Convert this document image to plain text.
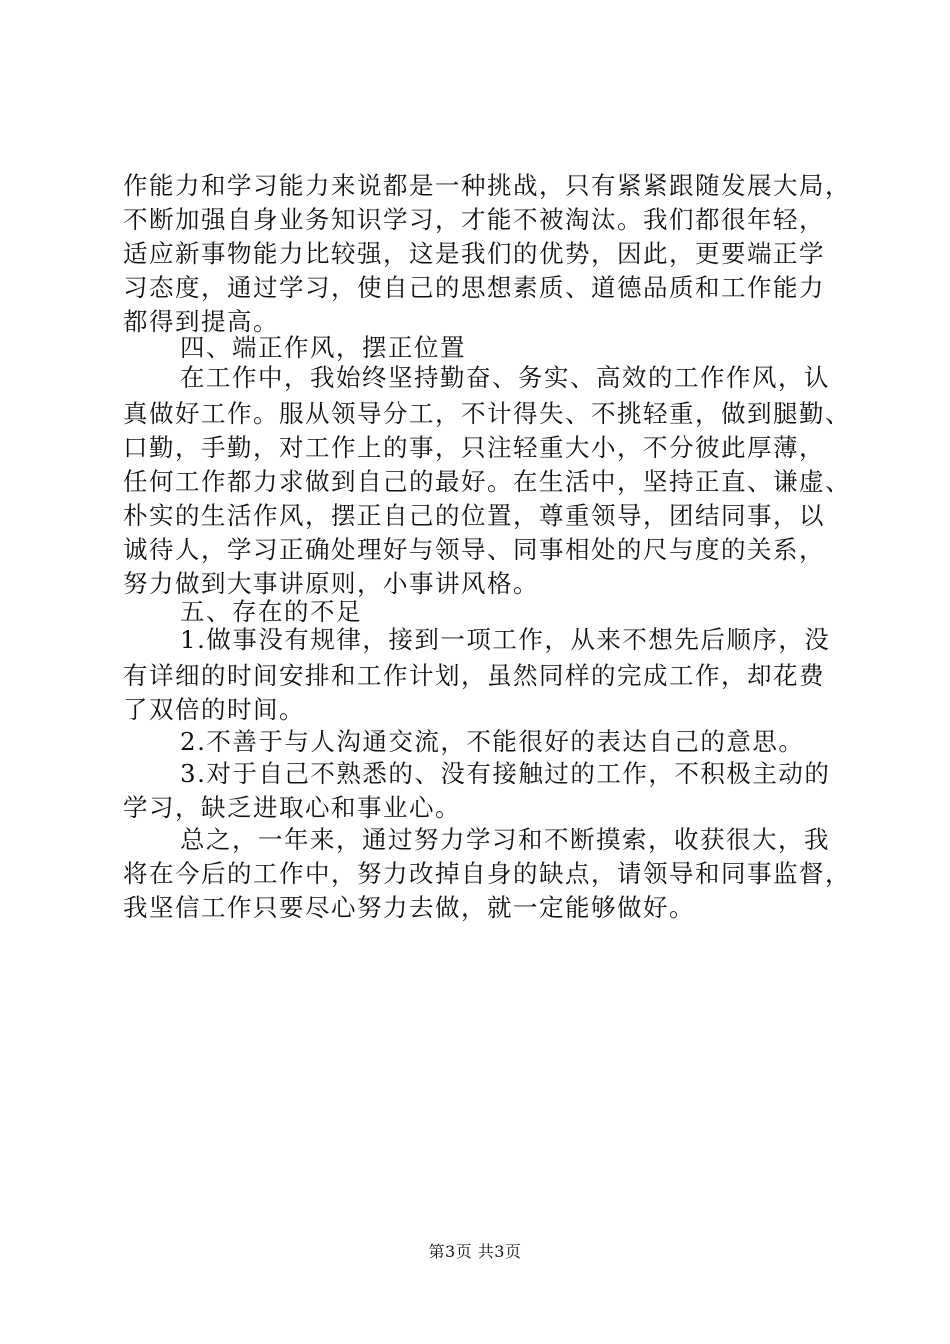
作能力和学习能力来说都是一种挑战，只有紧紧跟随发展大局，
不断加强自身业务知识学习，才能不被淘汰。我们都很年轻，
适应新事物能力比较强，这是我们的优势，因此，更要端正学
习态度，通过学习，使自己的思想素质、道德品质和工作能力
都得到提高。
四、端正作风，摆正位置
在工作中，我始终坚持勤奋、务实、高效的工作作风，认
真做好工作。服从领导分工，不计得失、不挑轻重，做到腿勤、
口勤，手勤，对工作上的事，只注轻重大小，不分彼此厚薄，
任何工作都力求做到自己的最好。在生活中，坚持正直、谦虚、
朴实的生活作风，摆正自己的位置，尊重领导，团结同事，以
诚待人，学习正确处理好与领导、同事相处的尺与度的关系，
努力做到大事讲原则，小事讲风格。
五、存在的不足
1.做事没有规律，接到一项工作，从来不想先后顺序，没
有详细的时间安排和工作计划，虽然同样的完成工作，却花费
了双倍的时间。
2.不善于与人沟通交流，不能很好的表达自己的意思。
3.对于自己不熟悉的、没有接触过的工作，不积极主动的
学习，缺乏进取心和事业心。
总之，一年来，通过努力学习和不断摸索，收获很大，我
将在今后的工作中，努力改掉自身的缺点，请领导和同事监督，
我坚信工作只要尽心努力去做，就一定能够做好。
第3页 共3页
